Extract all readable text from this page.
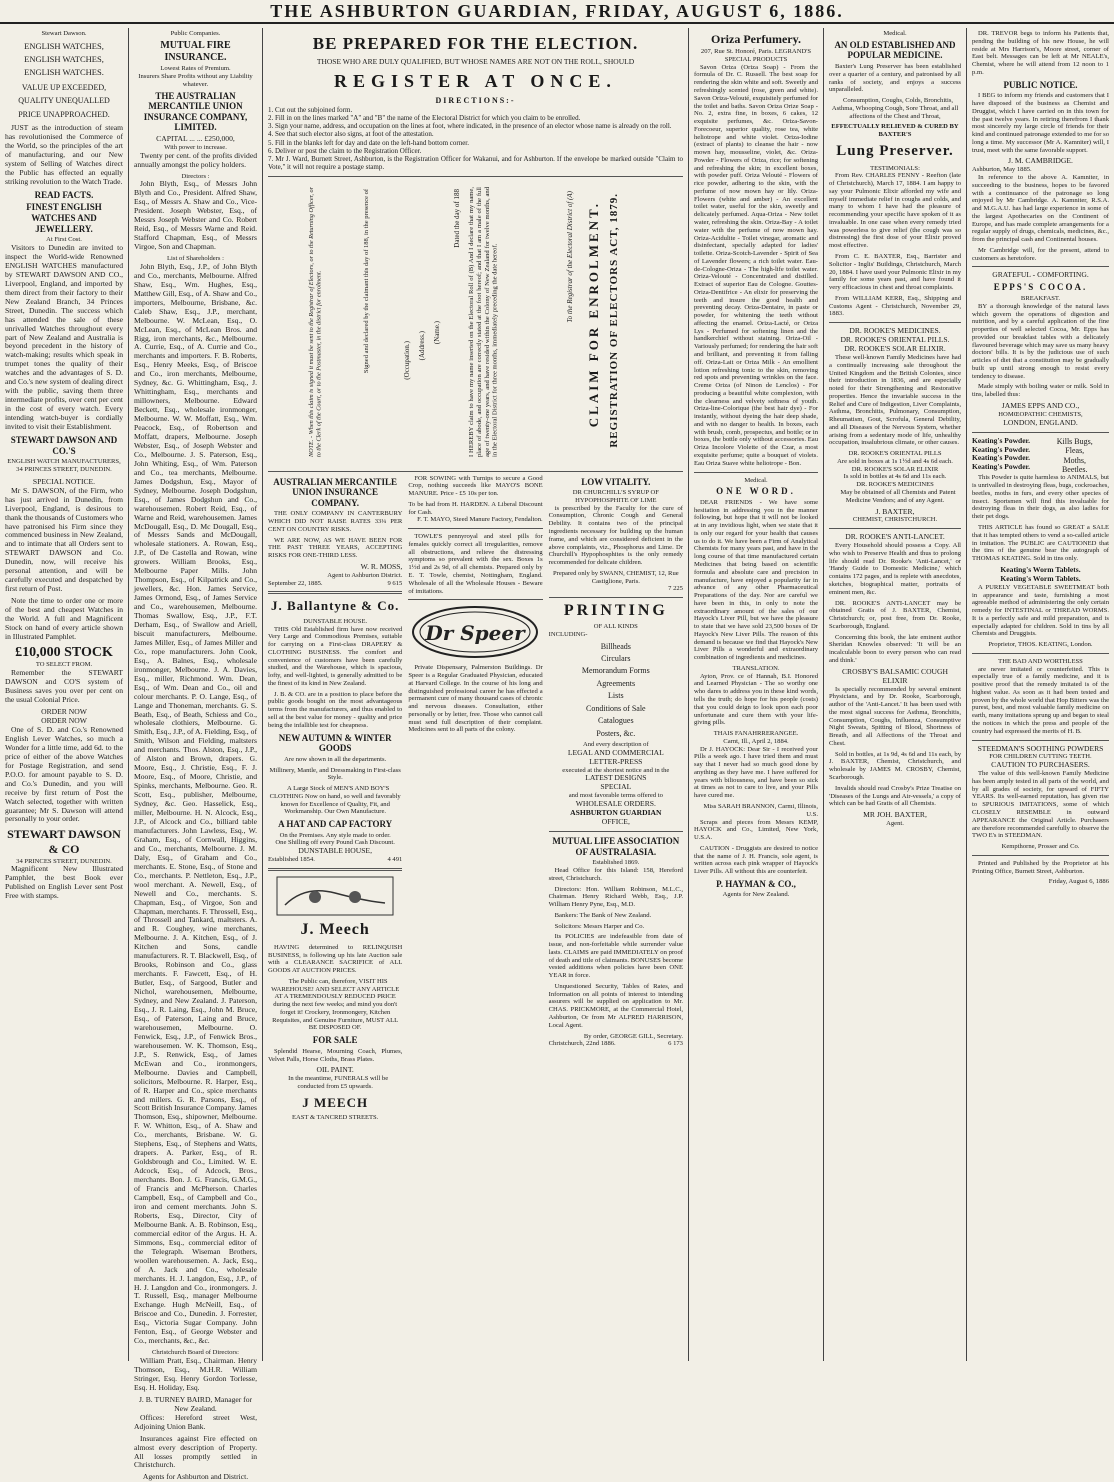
THE ASHBURTON GUARDIAN, FRIDAY, AUGUST 6, 1886.
Stewart Dawson.
ENGLISH WATCHES,
ENGLISH WATCHES,
ENGLISH WATCHES.
VALUE UP EXCEEDED,
QUALITY UNEQUALLED
PRICE UNAPPROACHED.

JUST as the introduction of steam has revolutionised the Commerce of the World, so the principles of the art of manufacturing, and our New system of Selling of Watches direct the Public has effected an equally striking revolution to the Watch Trade.

READ FACTS.
FINEST ENGLISH WATCHES AND JEWELLERY.
At First Cost.

Visitors to Dunedin are invited to inspect the World-wide Renowned ENGLISH WATCHES manufactured by STEWART DAWSON AND CO., Liverpool, England, and imported by them direct from their factory to their New Zealand Branch, 34 Princes Street, Dunedin. The success which has attended the sale of these unrivalled Watches throughout every part of New Zealand and Australia is beyond precedent in the history of watch-making; results which speak in trumpet tones the quality of their watches and the advantages of S. D. and Co.'s new system of dealing direct with the public, saving them three intermediate profits, over cent per cent in the cost of every watch. Every intending watch-buyer is cordially invited to visit their Establishment.

STEWART DAWSON AND CO.'S
ENGLISH WATCH MANUFACTURERS,
34 PRINCES STREET, DUNEDIN.
SPECIAL NOTICE.

Mr S. DAWSON, of the Firm, who has just arrived in Dunedin, from Liverpool, England, is desirous to thank the thousands of Customers who have patronised his Firm since they commenced business in New Zealand, and to intimate that all Orders sent to STEWART DAWSON and Co. Dunedin, now, will receive his personal attention, and will be carefully executed and despatched by first return of Post.

Note the time to order one or more of the best and cheapest Watches in the World. A full and Magnificent Stock on hand of every article shown in Illustrated Pamphlet.

£10,000 STOCK
TO SELECT FROM.

Remember the STEWART DAWSON and CO'S system of Business saves you over per cent on the usual Colonial Price.

ORDER NOW
ORDER NOW

One of S. D. and Co.'s Renowned English Lever Watches, so much a Wonder for a little time, add 6d. to the price of either of the above Watches for Postage Registration, and send P.O.O. for amount payable to S. D. and Co.'s Dunedin, and you will receive by first return of Post the Watch selected, together with written guarantee; Mr S. Dawson will attend personally to your order.

STEWART DAWSON & CO
34 PRINCES STREET, DUNEDIN.

Magnificent New Illustrated Pamphlet, the best Book ever Published on English Lever sent Post Free with stamps.

Public Companies.
MUTUAL FIRE INSURANCE.
Lowest Rates of Premium.
Insurers Share Profits without any Liability whatever.
THE AUSTRALIAN MERCANTILE UNION INSURANCE COMPANY, LIMITED.
CAPITAL ... ... £250,000,
With power to increase.

Twenty per cent. of the profits divided annually amongst the policy holders.

Directors :

John Blyth, Esq., of Messrs John Blyth and Co., President. Alfred Shaw, Esq., of Messrs A. Shaw and Co., Vice-President. Joseph Webster, Esq., of Messrs Joseph Webster and Co. Robert Reid, Esq., of Messrs Warne and Reid. Stafford Chapman, Esq., of Messrs Virgoe, Son and Chapman.

List of Shareholders :

John Blyth, Esq., J.P., of John Blyth and Co., merchants, Melbourne. Alfred Shaw, Esq., Wm. Hughes, Esq., Matthew Gill, Esq., of A. Shaw and Co., importers, Melbourne, Brisbane, &c. Caleb Shaw, Esq., J.P., merchant, Melbourne. W. McLean, Esq., O. McLean, Esq., of McLean Bros. and Rigg, iron merchants, &c., Melbourne. A. Currie, Esq., of A. Currie and Co., merchants and importers. F. B. Roberts, Esq., Henry Meeks, Esq., of Briscoe and Co., iron merchants, Melbourne, Sydney, &c. G. Whittingham, Esq., J. Whittingham, Esq., merchants and millowners, Melbourne. Edward Beckett, Esq., wholesale ironmonger, Melbourne. W. W. Moffatt, Esq., Wm. Peacock, Esq., of Robertson and Moffatt, drapers, Melbourne. Joseph Webster, Esq., of Joseph Webster and Co., Melbourne. J. S. Paterson, Esq., John Whiting, Esq., of Wm. Paterson and Co., tea merchants, Melbourne. James Dodgshun, Esq., Mayor of Sydney, Melbourne. Joseph Dodgshun, Esq., of James Dodgshun and Co., warehousemen. Robert Reid, Esq., of Warne and Reid, warehousemen. James McDougall, Esq., D. Mc Dougall, Esq., of Messrs Sands and McDougall, wholesale stationers. A. Rowan, Esq., J.P., of De Castella and Rowan, wine growers. William Brooks, Esq., Melbourne Paper Mills. John Thompson, Esq., of Kilpatrick and Co., jewellers, &c. Hon. James Service, James Ormond, Esq., of James Service and Co., warehousemen, Melbourne. Thomas Swallow, Esq., J.P., F.T. Derham, Esq., of Swallow and Ariell, biscuit manufacturers, Melbourne. James Miller, Esq., of James Miller and Co., rope manufacturers. John Cook, Esq., A. Balnes, Esq., wholesale ironmonger, Melbourne. J. A. Davies, Esq., miller, Richmond. Wm. Dean, Esq., of Wm. Dean and Co., oil and colour merchants. P. O. Lange, Esq., of Lange and Thoneman, merchants. G. S. Beath, Esq., of Beath, Schiess and Co., wholesale clothiers, Melbourne. G. Smith, Esq., J.P., of A. Fielding, Esq., of Smith, Wilson and Fielding, maltsters and merchants. Thos. Alston, Esq., J.P., of Alston and Brown, drapers. G. Moore, Esq., J. Christie, Esq., F. J. Moore, Esq., of Moore, Christie, and Spinks, merchants, Melbourne. Geo. R. Scott, Esq., publisher, Melbourne, Sydney, &c. Geo. Hasselick, Esq., miller, Melbourne. H. N. Alcock, Esq., J.P., of Alcock and Co., billiard table manufacturers. John Lawless, Esq., W. Graham, Esq., of Cornwall, Higgins, and Co., merchants, Melbourne. J. M. Daly, Esq., of Graham and Co., merchants. E. Stone, Esq., of Stone and Co., merchants. P. Nettleton, Esq., J.P., wool merchant. A. Newell, Esq., of Newell and Co., merchants. S. Chapman, Esq., of Virgoe, Son and Chapman, merchants. F. Throssell, Esq., of Throssell and Tankard, maltsters. A. and R. Coughey, wine merchants, Melbourne. J. A. Kitchen, Esq., of J. Kitchen and Sons, candle manufacturers. R. T. Blackwell, Esq., of Brooks, Robinson and Co., glass merchants. F. Fawcett, Esq., of H. Butler, Esq., of Sargood, Butler and Nichol, warehousemen, Melbourne, Sydney, and New Zealand. J. Paterson, Esq., J. R. Laing, Esq., John M. Bruce, Esq., of Paterson, Laing and Bruce, warehousemen, Melbourne. O. Fenwick, Esq., J.P., of Fenwick Bros., warehousemen. W. K. Thomson, Esq., J.P., S. Renwick, Esq., of James McEwan and Co., ironmongers, Melbourne. Davies and Campbell, solicitors, Melbourne. R. Harper, Esq., of R. Harper and Co., spice merchants and millers. G. R. Parsons, Esq., of Scott British Insurance Company. James Thomson, Esq., shipowner, Melbourne. F. W. Whitton, Esq., of A. Shaw and Co., merchants, Brisbane. W. G. Stephens, Esq., of Stephens and Watts, drapers. A. Parker, Esq., of R. Goldsbrough and Co., Limited. W. E. Adcock, Esq., of Adcock, Bros., merchants. Bon. J. G. Francis, G.M.G., of Francis and McPherson. Charles Campbell, Esq., of Campbell and Co., iron and cement merchants. John S. Roberts, Esq., Director, City of Melbourne Bank. A. B. Robinson, Esq., commercial editor of the Argus. H. A. Simmons, Esq., commercial editor of the Telegraph. Wiseman Brothers, woollen warehousemen. A. Jack, Esq., of A. Jack and Co., wholesale merchants. H. J. Langdon, Esq., J.P., of H. J. Langdon and Co., ironmongers. J. T. Russell, Esq., manager Melbourne Exchange. Hugh McNeill, Esq., of Briscoe and Co., Dunedin. J. Forrester, Esq., Victoria Sugar Company. John Fenton, Esq., of George Webster and Co., merchants, &c., &c.

Christchurch Board of Directors:

William Pratt, Esq., Chairman. Henry Thomson, Esq., M.H.R. William Stringer, Esq. Henry Gordon Torlesse, Esq. H. Holiday, Esq.

J. B. TURNEY BAIRD, Manager for New Zealand.

Offices: Hereford street West, Adjoining Union Bank.

Insurances against Fire effected on almost every description of Property. All losses promptly settled in Christchurch.

Agents for Ashburton and District.
BE PREPARED FOR THE ELECTION.
THOSE WHO ARE DULY QUALIFIED, BUT WHOSE NAMES ARE NOT ON THE ROLL, SHOULD
REGISTER AT ONCE.
DIRECTIONS:-
1. Cut out the subjoined form.
2. Fill in on the lines marked "A" and "B" the name of the Electoral District for which you claim to be enrolled.
3. Sign your name, address, and occupation on the lines at foot, where indicated, in the presence of an elector whose name is already on the roll.
4. See that such elector also signs, at foot of the attestation.
5. Fill in the blanks left for day and date on the left-hand bottom corner.
6. Deliver or post the claim to the Registration Officer.
7. Mr J. Ward, Burnett Street, Ashburton, is the Registration Officer for Wakanui, and for Ashburton. If the envelope be marked outside "Claim to Vote," it will not require a postage stamp.
REGISTRATION OF ELECTORS ACT, 1879.
CLAIM FOR ENROLMENT.
To the Registrar of the Electoral District of (A)
I HEREBY claim to have my name inserted on the Electoral Roll of (B) And I declare that my name, place of abode, and occupation are correctly stated at the foot hereof; and that I am a male of the full age of twenty-one years, and have resided within the Colony of New Zealand for twelve months, and in the Electoral District for three months, immediately preceding the date hereof.
Dated the day of 188
(Name.)
(Address.)
(Occupation.)
Signed and declared by the claimant this day of 188, in the presence of
NOTE. - When this claim is signed it must be sent to the Registrar of Electors, or to the Returning Officer, or to the Clerk of the Court, or to the Postmaster, in the district for enrolment.
AUSTRALIAN MERCANTILE UNION INSURANCE COMPANY.

THE ONLY COMPANY IN CANTERBURY WHICH DID NOT RAISE RATES 33¼ PER CENT ON COUNTRY RISKS.

WE ARE NOW, AS WE HAVE BEEN FOR THE PAST THREE YEARS, ACCEPTING RISKS FOR ONE-THIRD LESS.

W. R. MOSS,
Agent to Ashburton District.
September 22, 1885.	9 615
J. Ballantyne & Co.
DUNSTABLE HOUSE.

THIS Old Established firm have now received Very Large and Commodious Premises, suitable for carrying on a First-class DRAPERY & CLOTHING BUSINESS. The comfort and convenience of customers have been carefully studied, and the Warehouse, which is spacious, lofty, and well-lighted, is generally admitted to be the finest of its kind in New Zealand.

J. B. & CO. are in a position to place before the public goods bought on the most advantageous terms from the manufacturers, and thus enabled to sell at the best value for money - quality and price being the infallible test for cheapness.

NEW AUTUMN & WINTER GOODS
Are now shown in all the departments.
Millinery, Mantle, and Dressmaking in First-class Style.

A Large Stock of MEN'S AND BOY'S CLOTHING Now on hand, so well and favorably known for Excellence of Quality, Fit, and Workmanship. Our Own Manufacture.

A HAT AND CAP FACTORY
On the Premises. Any style made to order.
One Shilling off every Pound Cash Discount.
DUNSTABLE HOUSE,
Established 1854.	4 491
J. Meech

HAVING determined to RELINQUISH BUSINESS, is following up his late Auction sale with a CLEARANCE SACRIFICE of ALL GOODS AT AUCTION PRICES.

The Public can, therefore, VISIT HIS WAREHOUSE! AND SELECT ANY ARTICLE AT A TREMENDOUSLY REDUCED PRICE during the next few weeks; and mind you don't forget it! Crockery, Ironmongery, Kitchen Requisites, and Genuine Furniture, MUST ALL BE DISPOSED OF.

FOR SALE

Splendid Hearse, Mourning Coach, Plumes, Velvet Palls, Horse Cloths, Brass Plates.

OIL PAINT.

In the meantime, FUNERALS will be conducted from £5 upwards.

J MEECH
EAST & TANCRED STREETS.

FOR SOWING with Turnips to secure a Good Crop, nothing succeeds like MAYO'S BONE MANURE. Price - £5 10s per ton.

To be had from H. HARDEN. A Liberal Discount for Cash.
F. T. MAYO, Steed Manure Factory, Fendalton.

TOWLE'S pennyroyal and steel pills for females quickly correct all irregularities, remove all obstructions, and relieve the distressing symptoms so prevalent with the sex. Boxes 1s 1½d and 2s 9d, of all chemists. Prepared only by E. T. Towle, chemist, Nottingham, England. Wholesale of all the Wholesale Houses - Beware of imitations.

Dr Speer

Private Dispensary, Palmerston Buildings. Dr Speer is a Regular Graduated Physician, educated at Harvard College. In the course of his long and distinguished professional career he has effected a permanent cure of many thousand cases of chronic and nervous diseases. Consultation, either personally or by letter, free. Those who cannot call must send full description of their complaint. Medicines sent to all parts of the colony.

LOW VITALITY.
DR CHURCHILL'S SYRUP OF HYPOPHOSPHITE OF LIME

is prescribed by the Faculty for the cure of Consumption, Chronic Cough and General Debility. It contains two of the principal ingredients necessary for building up the human frame, and which are considered deficient in the above complaints, viz., Phosphorus and Lime. Dr Churchill's Hypophosphites is the only remedy recommended for delicate children.

Prepared only by SWANN, CHEMIST, 12, Rue Castiglione, Paris.
7 225
PRINTING
OF ALL KINDS
INCLUDING-
Billheads
Circulars
Memorandum Forms
Agreements
Lists
Conditions of Sale
Catalogues
Posters, &c.
And every description of
LEGAL AND COMMERCIAL
LETTER-PRESS
executed at the shortest notice and in the
LATEST DESIGNS
SPECIAL
and most favorable terms offered to
WHOLESALE ORDERS.
ASHBURTON GUARDIAN
OFFICE,
MUTUAL LIFE ASSOCIATION OF AUSTRALASIA.
Established 1869.

Head Office for this Island: 158, Hereford street, Christchurch.

Directors: Hon. William Robinson, M.L.C., Chairman. Henry Richard Webb, Esq., J.P. William Henry Pyne, Esq., M.D.

Bankers: The Bank of New Zealand.

Solicitors: Messrs Harper and Co.

Its POLICIES are indefeasible from date of issue, and non-forfeitable while surrender value lasts. CLAIMS are paid IMMEDIATELY on proof of death and title of claimants. BONUSES become vested additions when policies have been ONE YEAR in force.

Unquestioned Security, Tables of Rates, and Information on all points of interest to intending assurers will be supplied on application to Mr. CHAS. PRICKMORE, at the Commercial Hotel, Ashburton, Or from Mr ALFRED HARRISON, Local Agent.

By order, GEORGE GILL, Secretary.
Christchurch, 22nd 1886.	6 173
Oriza Perfumery.
207, Rue St. Honoré, Paris. LEGRAND'S SPECIAL PRODUCTS

Savon Oriza (Oriza Soap) - From the formula of Dr. C. Russell. The best soap for rendering the skin white and soft. Sweetly and refreshingly scented (rose, green and white). Savon Oriza-Velouté, exquisitely perfumed for the toilet and baths. Savon Oriza Orize Soap - No. 2, extra fine, in boxes, 6 cakes, 12 exquisite perfumes, &c. Oriza-Savon-Forecoeur, superior quality, rose tea, white heliotrope and white violet. Oriza-Iodine (extract of plants) to cleanse the hair - now mown hay, mousseline, violet, &c. Oriza-Powder - Flowers of Oriza, rice; for softening and refreshing the skin; in excellent boxes, with powder puff. Oriza Velouté - Flowers of rice powder, adhering to the skin, with the perfume of now mown hay or lily. Oriza-Flowers (white and amber) - An excellent toilet water, useful for the skin, sweetly and delicately perfumed. Aqua-Oriza - New toilet water, refreshing the skin. Oriza-Bay - A toilet water with the perfume of now mown hay. Oriza-Acidulite - Toilet vinegar, aromatic and disinfectant, specially adapted for ladies' toilette. Oriza-Scotch-Lavender - Spirit of Sea of Lavender flowers; a rich toilet water. Eau-de-Cologne-Oriza - The high-life toilet water. Oriza-Velouté - Concentrated and distilled. Extract of superior Eau de Cologne. Gouttes-Oriza-Dentifrice - An elixir for preserving the teeth and insure the good health and preventing decay. Oriza-Dentaire, in paste or powder, for whitening the teeth without affecting the enamel. Oriza-Lacté, or Oriza Lys - Perfumed for softening linen and the handkerchief without staining. Oriza-Oil - Variously perfumed; for rendering the hair soft and brilliant, and preventing it from falling off. Oriza-Lait or Oriza Milk - An emollient lotion refreshing tonic to the skin, removing red spots and preventing wrinkles on the face. Creme Oriza (of Ninon de Lenclos) - For producing a beautiful white complexion, with the clearness and velvety softness of youth. Oriza-line-Colorique (the best hair dye) - For instantly, without dyeing the hair deep shade, and with no danger to health. In boxes, each with brush, comb, prospectus, and bottle; or in boxes, the bottle only without accessories. Eau Oriza Incolore Violette of the Czar, a most exquisite perfume; quite a bouquet of violets. Eau Oriza Suave white heliotrope - Bon.

Medical.
ONE WORD.

DEAR FRIENDS - We have some hesitation in addressing you in the manner following, but hope that it will not be looked at in any invidious light, when we state that it is only our regard for your health that causes us to do it. We have been a Firm of Analytical Chemists for many years past, and have in the long course of that time manufactured certain Medicines that being based on scientific formula and absolute care and precision in manufacture, have enjoyed a popularity far in advance of any other Pharmaceutical Preparations of the day. Nor are careful we have been in this, in only to note the extraordinary amount of the sales of our Hayock's Liver Pill, but we have the pleasure to state that we have sold 23,500 boxes of Dr Hayock's New Liver Pills. The reason of this demand is because we find that Hayock's New Liver Pills a wonderful and extraordinary combination of ingredients and medicines.

TRANSLATION.

Ayton, Prov. ce of Hannah, B.I. Honored and Learned Physician - The so worthy one who dares to address you in these kind words, tells the truth; do hope for his people (costs) that you could deign to look upon each poor unfortunate and cure them with your life-giving pills.

THAIS FANAHRRERANGEE.
Carnt, Ill., April 2, 1884.

Dr J. HAYOCK: Dear Sir - I received your Pills a week ago. I have tried them and must say that I never had so much good done by anything as they have me. I have suffered for years with biliousness, and have been so sick at times as not to care to live, and your Pills have cured me.

Miss SARAH BRANNON, Carmi, Illinois, U.S.

Scraps and pieces from Messrs KEMP, HAYOCK and Co., Limited, New York, U.S.A.

CAUTION - Druggists are desired to notice that the name of J. H. Francis, sole agent, is written across each pink wrapper of Hayock's Liver Pills. All without this are counterfeit.

P. HAYMAN & CO.,
Agents for New Zealand.
Medical.
AN OLD ESTABLISHED AND POPULAR MEDICINE.

Baxter's Lung Preserver has been established over a quarter of a century, and patronised by all ranks of society, and enjoys a success unparalleled.

Consumption, Coughs, Colds, Bronchitis, Asthma, Whooping Cough, Sore Throat, and all affections of the Chest and Throat,

EFFECTUALLY RELIEVED & CURED BY BAXTER'S
Lung Preserver.
TESTIMONIALS:

From Rev. CHARLES FENNY - Reefton (late of Christchurch), March 17, 1884. I am happy to say your Pulmonic Elixir afforded my wife and myself immediate relief in coughs and colds, and many to whom I have had the pleasure of recommending your specific have spoken of it as invaluable. In one case when every remedy tried was powerless to give relief (the cough was so distressing) the first dose of your Elixir proved most effective.

From C. E. BAXTER, Esq., Barrister and Solicitor - Inglis' Buildings, Christchurch, March 20, 1884. I have used your Pulmonic Elixir in my family for some years past, and have found it very efficacious in chest and throat complaints.

From WILLIAM KERR, Esq., Shipping and Customs Agent - Christchurch, November 29, 1883.

DR. ROOKE'S MEDICINES.
DR. ROOKE'S ORIENTAL PILLS.
DR. ROOKE'S SOLAR ELIXIR.

These well-known Family Medicines have had a continually increasing sale throughout the United Kingdom and the British Colonies, since their introduction in 1836, and are especially noted for their Strengthening and Restorative properties. Hence the invariable success in the Relief and Cure of Indigestion, Liver Complaints, Asthma, Bronchitis, Pulmonary, Consumption, Rheumatism, Gout, Scrofula, General Debility, and all Diseases of the Nervous System, whether arising from a sedentary mode of life, unhealthy occupation, insalubrious climate, or other causes.

DR. ROOKE'S ORIENTAL PILLS
Are sold in boxes at 1s 1½d and 4s 6d each.
DR. ROOKE'S SOLAR ELIXIR
Is sold in bottles at 4s 6d and 11s each.
DR. ROOKE'S MEDICINES

May be obtained of all Chemists and Patent Medicine Vendors; and of any Agent.

J. BAXTER,
CHEMIST, CHRISTCHURCH.
DR. ROOKE'S ANTI-LANCET.

Every Household should possess a Copy. All who wish to Preserve Health and thus to prolong life should read Dr. Rooke's 'Anti-Lancet,' or 'Handy Guide to Domestic Medicine,' which contains 172 pages, and is replete with anecdotes, sketches, biographical matter, portraits of eminent men, &c.

DR. ROOKE'S ANTI-LANCET may be obtained Gratis of J. BAXTER, Chemist, Christchurch; or, post free, from Dr. Rooke, Scarborough, England.

Concerning this book, the late eminent author Sheridan Knowles observed: 'It will be an incalculable boon to every person who can read and think.'

CROSBY'S BALSAMIC COUGH ELIXIR

Is specially recommended by several eminent Physicians, and by Dr. Rooke, Scarborough, author of the 'Anti-Lancet.' It has been used with the most signal success for Asthma, Bronchitis, Consumption, Coughs, Influenza, Consumptive Night Sweats, Spitting of Blood, Shortness of Breath, and all Affections of the Throat and Chest.

Sold in bottles, at 1s 9d, 4s 6d and 11s each, by J. BAXTER, Chemist, Christchurch, and wholesale by JAMES M. CROSBY, Chemist, Scarborough.

Invalids should read Crosby's Prize Treatise on 'Diseases of the Lungs and Air-vessels,' a copy of which can be had Gratis of all Chemists.

MR JOH. BAXTER,
Agent.

DR. TREVOR begs to inform his Patients that, pending the building of his new House, he will reside at Mrs Harrison's, Moore street, corner of East belt. Messages can be left at Mr NEALE's, Chemist, where he will attend from 12 noon to 1 p.m.

PUBLIC NOTICE.

I BEG to inform my friends and customers that I have disposed of the business as Chemist and Druggist, which I have carried on in this town for the past twelve years. In retiring therefrom I thank most sincerely my large circle of friends for their kind and continued patronage extended to me for so long a time. My successor (Mr A. Kamniter) will, I trust, meet with the same favorable support.

J. M. CAMBRIDGE.
Ashburton, May 1885.

In reference to the above A. Kamniter, in succeeding to the business, hopes to be favored with a continuance of the patronage so long enjoyed by Mr Cambridge. A. Kamniter, R.S.A. and M.G.A.U. has had large experience in some of the largest Apothecaries on the Continent of Europe, and has made complete arrangements for a regular supply of drugs, chemicals, medicines, &c., from the principal cash and Continental houses.

Mr Cambridge will, for the present, attend to customers as heretofore.

GRATEFUL - COMFORTING.
EPPS'S COCOA.
BREAKFAST.

BY a thorough knowledge of the natural laws which govern the operations of digestion and nutrition, and by a careful application of the fine properties of well selected Cocoa, Mr. Epps has provided our breakfast tables with a delicately flavoured beverage which may save us many heavy doctors' bills. It is by the judicious use of such articles of diet that a constitution may be gradually built up until strong enough to resist every tendency to disease.

Made simply with boiling water or milk. Sold in tins, labelled thus:

JAMES EPPS AND CO.,
HOMŒOPATHIC CHEMISTS,
LONDON, ENGLAND.
Keating's Powder.
Keating's Powder.
Keating's Powder.
Keating's Powder.
Kills Bugs,
Fleas,
Moths,
Beetles.

This Powder is quite harmless to ANIMALS, but is unrivalled in destroying fleas, bugs, cockroaches, beetles, moths in furs, and every other species of insect. Sportsmen will find this invaluable for destroying fleas in their dogs, as also ladies for their pet dogs.

THIS ARTICLE has found so GREAT a SALE that it has tempted others to vend a so-called article in imitation. The PUBLIC are CAUTIONED that the tins of the genuine bear the autograph of THOMAS KEATING. Sold in tins only.

Keating's Worm Tablets.
Keating's Worm Tablets.

A PURELY VEGETABLE SWEETMEAT both in appearance and taste, furnishing a most agreeable method of administering the only certain remedy for INTESTINAL or THREAD WORMS. It is a perfectly safe and mild preparation, and is especially adapted for children. Sold in tins by all Chemists and Druggists.

Proprietor, THOS. KEATING, London.
THE BAD AND WORTHLESS

are never imitated or counterfeited. This is especially true of a family medicine, and it is positive proof that the remedy imitated is of the highest value. As soon as it had been tested and proven by the whole world that Hop Bitters was the purest, best, and most valuable family medicine on earth, many imitations sprung up and began to steal the notices in which the press and people of the country had expressed the merits of H. B.

STEEDMAN'S SOOTHING POWDERS
FOR CHILDREN CUTTING TEETH.
CAUTION TO PURCHASERS.

The value of this well-known Family Medicine has been amply tested in all parts of the world, and by all grades of society, for upward of FIFTY YEARS. Its well-earned reputation, has given rise to SPURIOUS IMITATIONS, some of which CLOSELY RESEMBLE in outward APPEARANCE the Original Article. Purchasers are therefore recommended carefully to observe the TWO E's in STEEDMAN.

Kempthorne, Prosser and Co.

Printed and Published by the Proprietor at his Printing Office, Burnett Street, Ashburton.

Friday, August 6, 1886
